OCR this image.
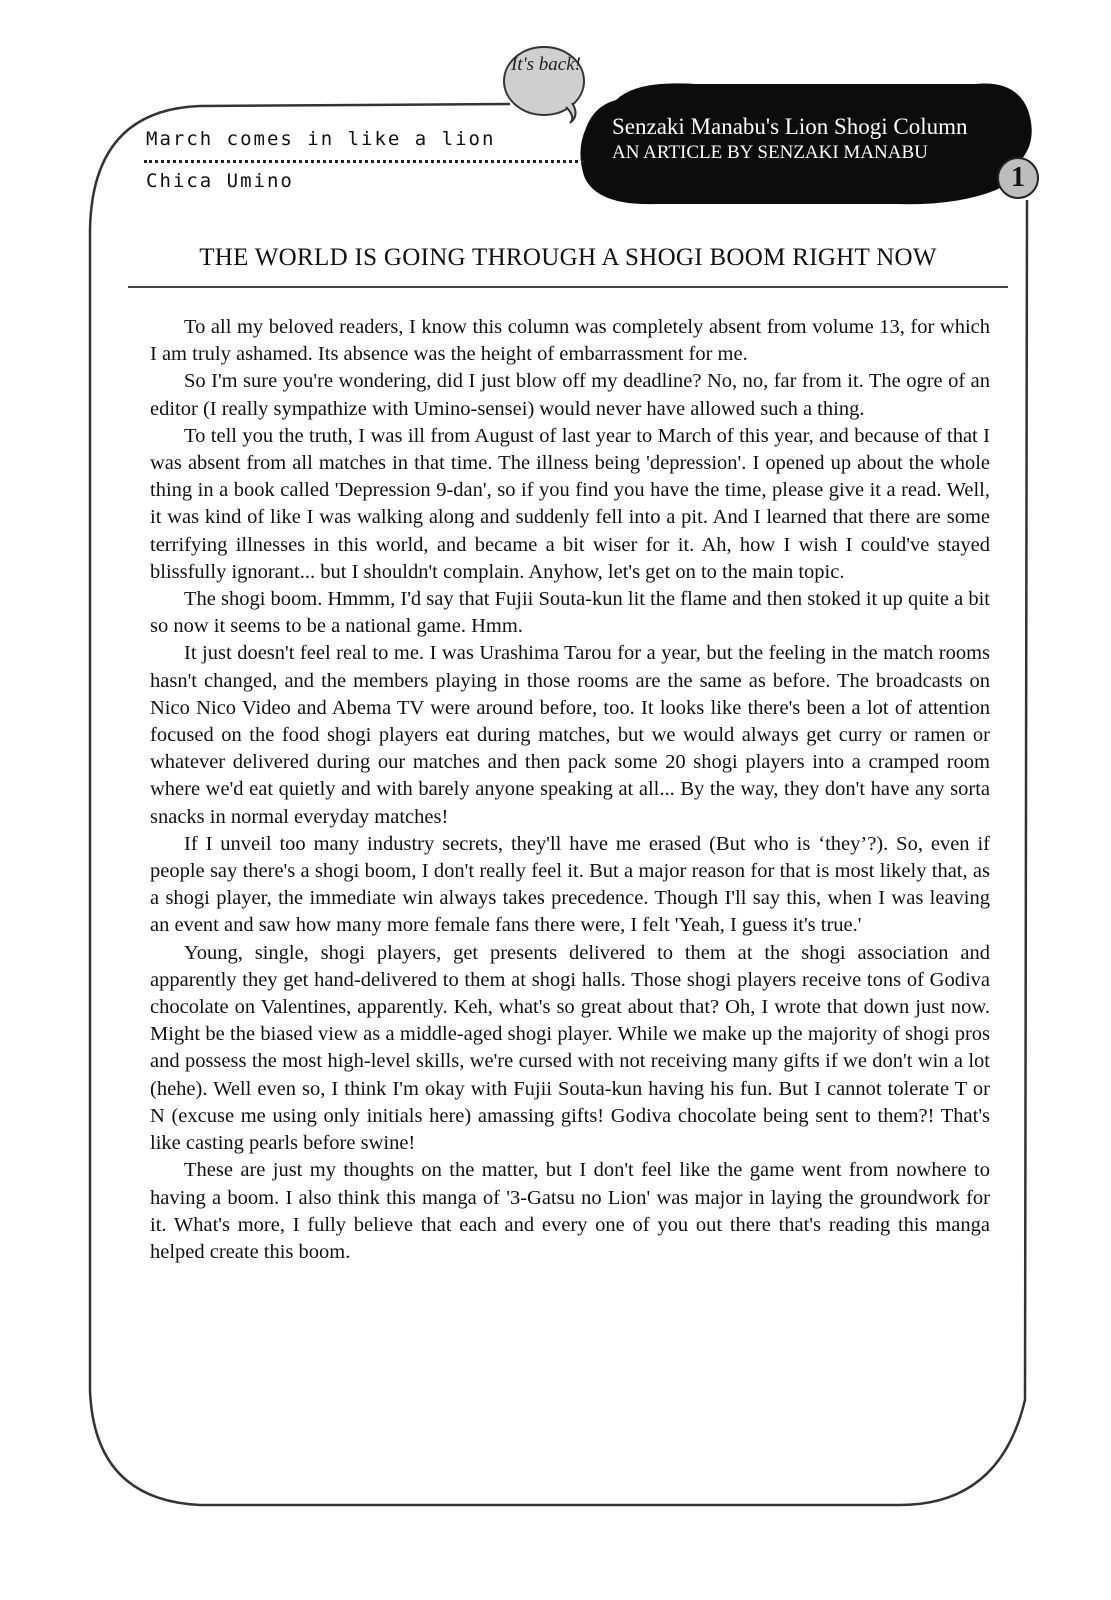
Senzaki Manabu's Lion Shogi Column
AN ARTICLE BY SENZAKI MANABU
1
It's back!
March comes in like a lion
Chica Umino
THE WORLD IS GOING THROUGH A SHOGI BOOM RIGHT NOW

To all my beloved readers, I know this column was completely absent from volume 13, for which I am truly ashamed. Its absence was the height of embarrassment for me.

So I'm sure you're wondering, did I just blow off my deadline? No, no, far from it. The ogre of an editor (I really sympathize with Umino-sensei) would never have allowed such a thing.

To tell you the truth, I was ill from August of last year to March of this year, and because of that I was absent from all matches in that time. The illness being 'depression'. I opened up about the whole thing in a book called 'Depression 9-dan', so if you find you have the time, please give it a read. Well, it was kind of like I was walking along and suddenly fell into a pit. And I learned that there are some terrifying illnesses in this world, and became a bit wiser for it. Ah, how I wish I could've stayed blissfully ignorant... but I shouldn't complain. Anyhow, let's get on to the main topic.

The shogi boom. Hmmm, I'd say that Fujii Souta-kun lit the flame and then stoked it up quite a bit so now it seems to be a national game. Hmm.

It just doesn't feel real to me. I was Urashima Tarou for a year, but the feeling in the match rooms hasn't changed, and the members playing in those rooms are the same as before. The broadcasts on Nico Nico Video and Abema TV were around before, too. It looks like there's been a lot of attention focused on the food shogi players eat during matches, but we would always get curry or ramen or whatever delivered during our matches and then pack some 20 shogi players into a cramped room where we'd eat quietly and with barely anyone speaking at all... By the way, they don't have any sorta snacks in normal everyday matches!

If I unveil too many industry secrets, they'll have me erased (But who is ‘they’?). So, even if people say there's a shogi boom, I don't really feel it. But a major reason for that is most likely that, as a shogi player, the immediate win always takes precedence. Though I'll say this, when I was leaving an event and saw how many more female fans there were, I felt 'Yeah, I guess it's true.'

Young, single, shogi players, get presents delivered to them at the shogi association and apparently they get hand-delivered to them at shogi halls. Those shogi players receive tons of Godiva chocolate on Valentines, apparently. Keh, what's so great about that? Oh, I wrote that down just now. Might be the biased view as a middle-aged shogi player. While we make up the majority of shogi pros and possess the most high-level skills, we're cursed with not receiving many gifts if we don't win a lot (hehe). Well even so, I think I'm okay with Fujii Souta-kun having his fun. But I cannot tolerate T or N (excuse me using only initials here) amassing gifts! Godiva chocolate being sent to them?! That's like casting pearls before swine!

These are just my thoughts on the matter, but I don't feel like the game went from nowhere to having a boom. I also think this manga of '3-Gatsu no Lion' was major in laying the groundwork for it. What's more, I fully believe that each and every one of you out there that's reading this manga helped create this boom.
